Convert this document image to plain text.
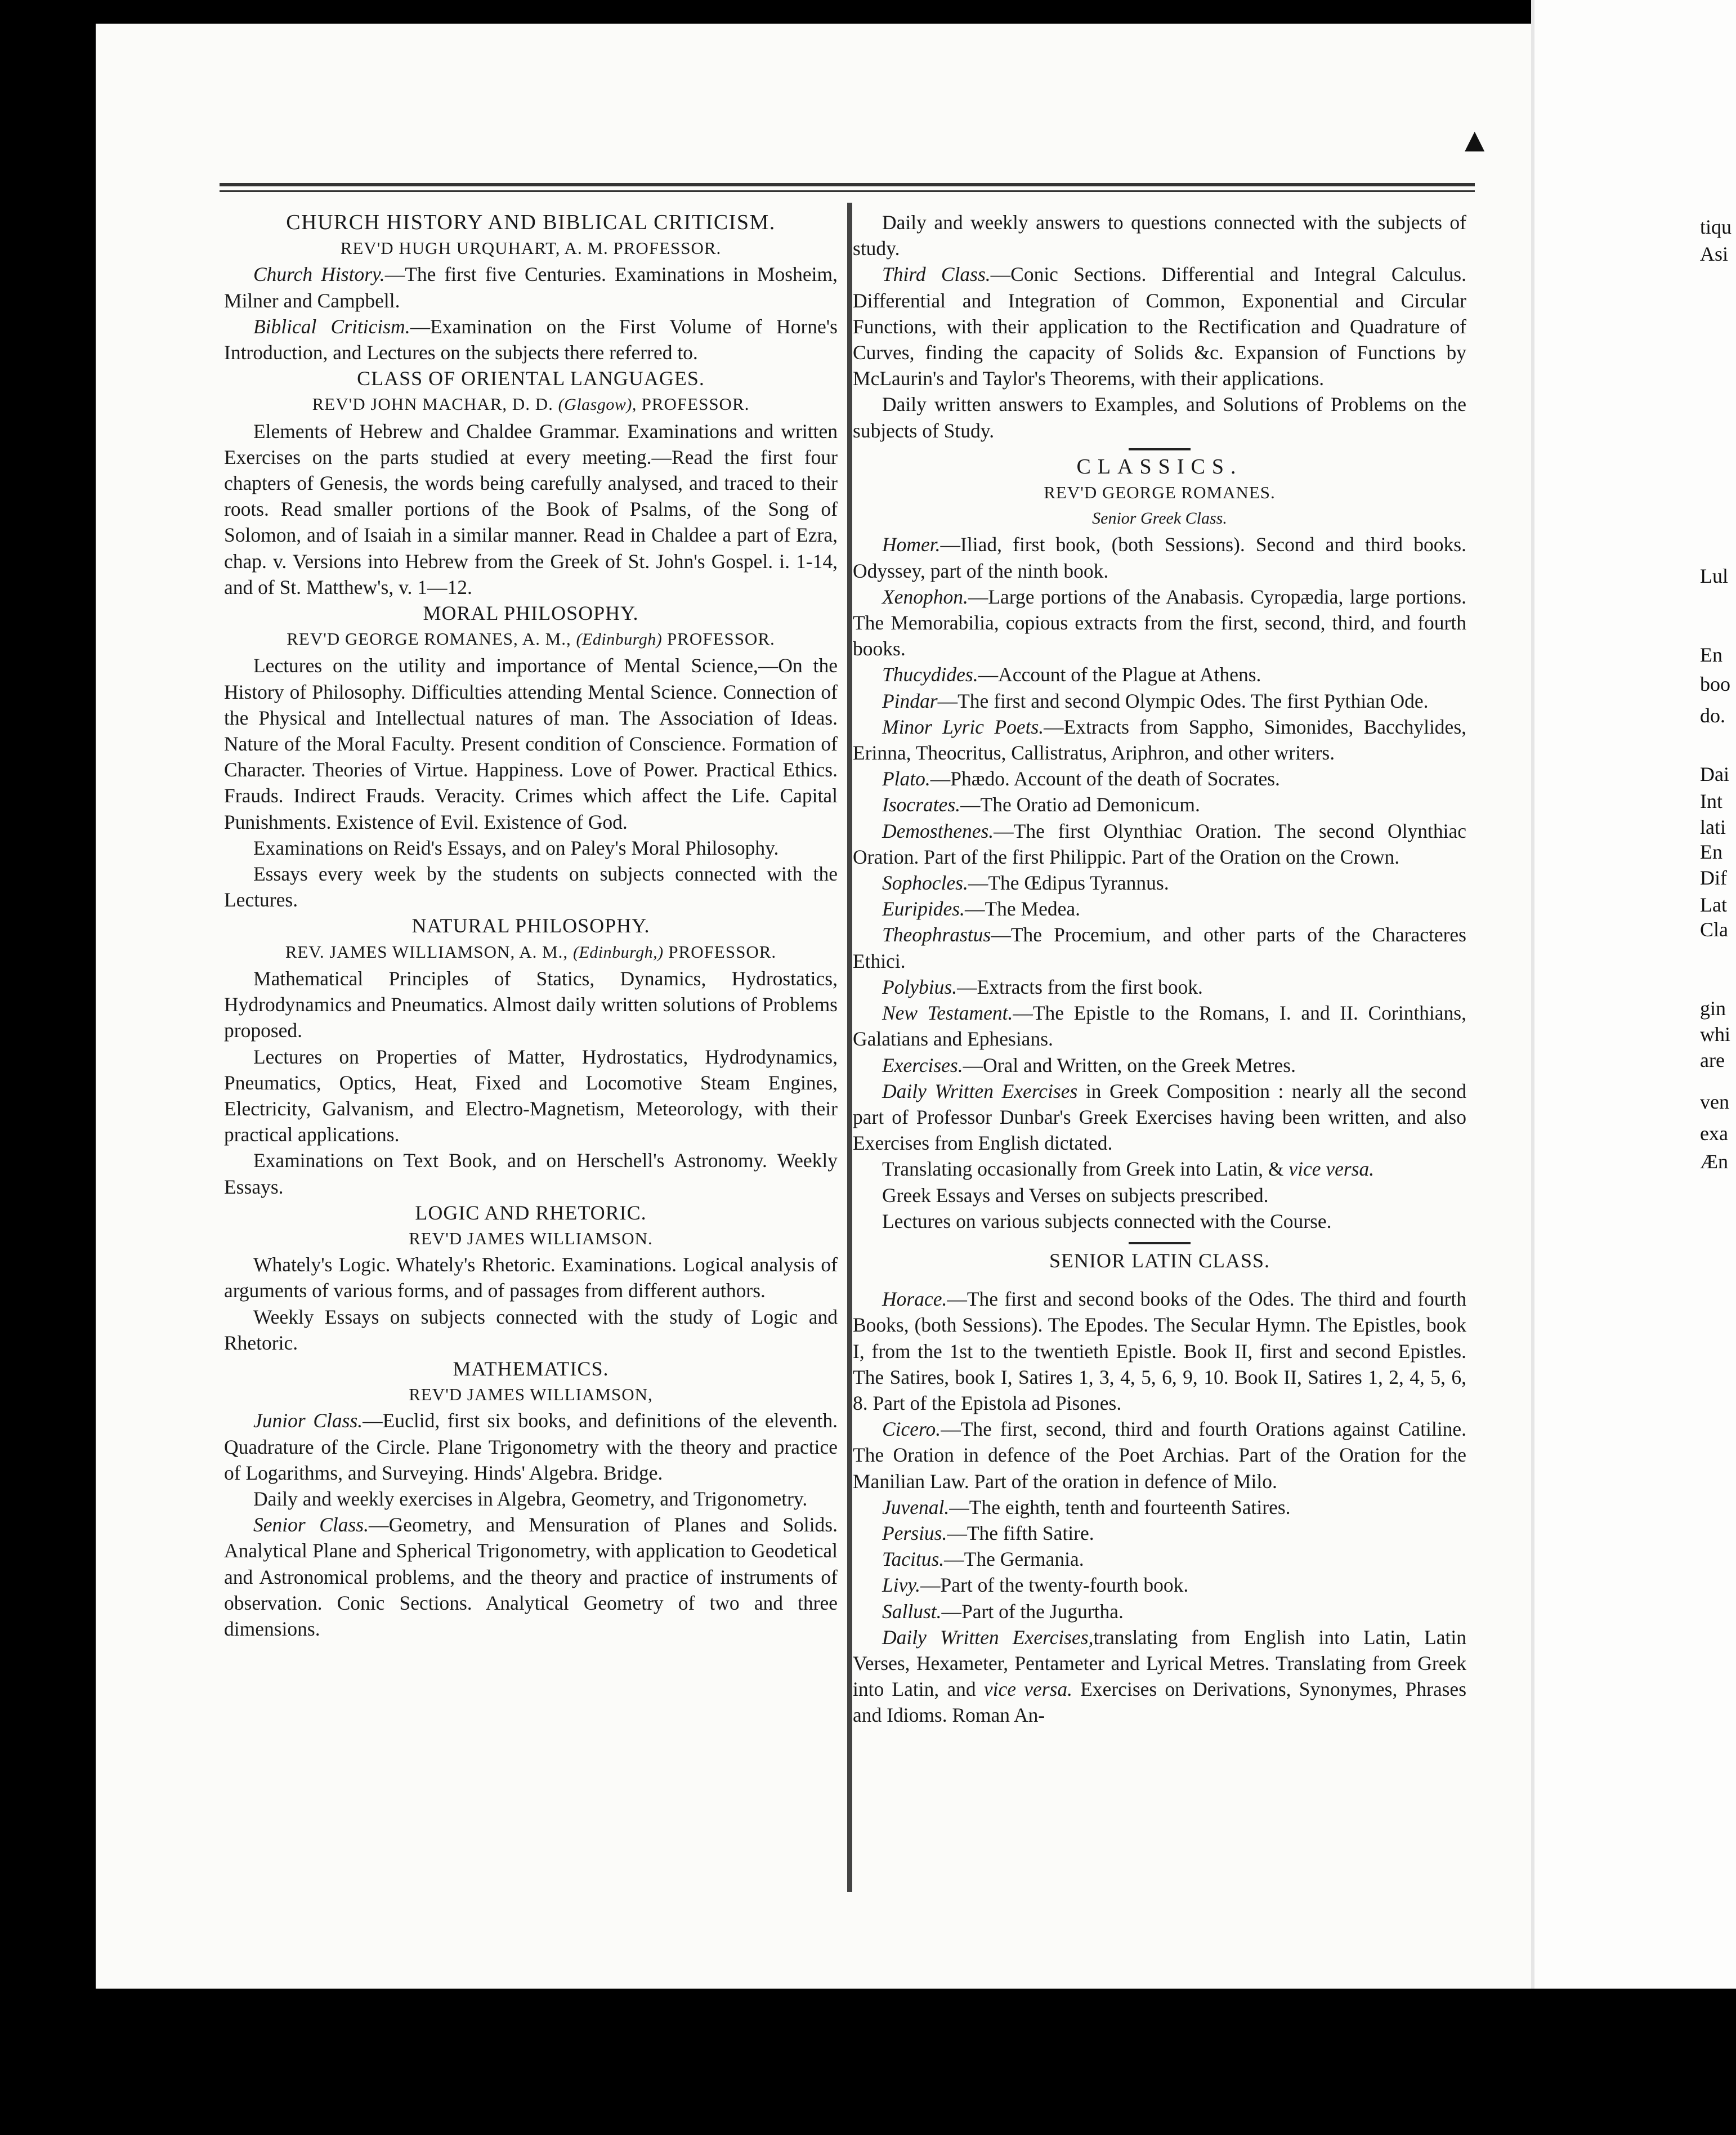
▲

CHURCH HISTORY AND BIBLICAL CRITICISM.

REV'D HUGH URQUHART, A. M. PROFESSOR.

Church History.—The first five Centuries. Examinations in Mosheim, Milner and Campbell.

Biblical Criticism.—Examination on the First Volume of Horne's Introduction, and Lectures on the subjects there referred to.

CLASS OF ORIENTAL LANGUAGES.

REV'D JOHN MACHAR, D. D. (Glasgow), PROFESSOR.

Elements of Hebrew and Chaldee Grammar. Examinations and written Exercises on the parts studied at every meeting.—Read the first four chapters of Genesis, the words being carefully analysed, and traced to their roots. Read smaller portions of the Book of Psalms, of the Song of Solomon, and of Isaiah in a similar manner. Read in Chaldee a part of Ezra, chap. v. Versions into Hebrew from the Greek of St. John's Gospel. i. 1-14, and of St. Matthew's, v. 1—12.

MORAL PHILOSOPHY.

REV'D GEORGE ROMANES, A. M., (Edinburgh) PROFESSOR.

Lectures on the utility and importance of Mental Science,—On the History of Philosophy. Difficulties attending Mental Science. Connection of the Physical and Intellectual natures of man. The Association of Ideas. Nature of the Moral Faculty. Present condition of Conscience. Formation of Character. Theories of Virtue. Happiness. Love of Power. Practical Ethics. Frauds. Indirect Frauds. Veracity. Crimes which affect the Life. Capital Punishments. Existence of Evil. Existence of God.

Examinations on Reid's Essays, and on Paley's Moral Philosophy.

Essays every week by the students on subjects connected with the Lectures.

NATURAL PHILOSOPHY.

REV. JAMES WILLIAMSON, A. M., (Edinburgh,) PROFESSOR.

Mathematical Principles of Statics, Dynamics, Hydrostatics, Hydrodynamics and Pneumatics. Almost daily written solutions of Problems proposed.

Lectures on Properties of Matter, Hydrostatics, Hydrodynamics, Pneumatics, Optics, Heat, Fixed and Locomotive Steam Engines, Electricity, Galvanism, and Electro-Magnetism, Meteorology, with their practical applications.

Examinations on Text Book, and on Herschell's Astronomy. Weekly Essays.

LOGIC AND RHETORIC.

REV'D JAMES WILLIAMSON.

Whately's Logic. Whately's Rhetoric. Examinations. Logical analysis of arguments of various forms, and of passages from different authors.

Weekly Essays on subjects connected with the study of Logic and Rhetoric.

MATHEMATICS.

REV'D JAMES WILLIAMSON,

Junior Class.—Euclid, first six books, and definitions of the eleventh. Quadrature of the Circle. Plane Trigonometry with the theory and practice of Logarithms, and Surveying. Hinds' Algebra. Bridge.

Daily and weekly exercises in Algebra, Geometry, and Trigonometry.

Senior Class.—Geometry, and Mensuration of Planes and Solids. Analytical Plane and Spherical Trigonometry, with application to Geodetical and Astronomical problems, and the theory and practice of instruments of observation. Conic Sections. Analytical Geometry of two and three dimensions.

Daily and weekly answers to questions connected with the subjects of study.

Third Class.—Conic Sections. Differential and Integral Calculus. Differential and Integration of Common, Exponential and Circular Functions, with their application to the Rectification and Quadrature of Curves, finding the capacity of Solids &c. Expansion of Functions by McLaurin's and Taylor's Theorems, with their applications.

Daily written answers to Examples, and Solutions of Problems on the subjects of Study.

CLASSICS.

REV'D GEORGE ROMANES.

Senior Greek Class.

Homer.—Iliad, first book, (both Sessions). Second and third books. Odyssey, part of the ninth book.

Xenophon.—Large portions of the Anabasis. Cyropædia, large portions. The Memorabilia, copious extracts from the first, second, third, and fourth books.

Thucydides.—Account of the Plague at Athens.

Pindar—The first and second Olympic Odes. The first Pythian Ode.

Minor Lyric Poets.—Extracts from Sappho, Simonides, Bacchylides, Erinna, Theocritus, Callistratus, Ariphron, and other writers.

Plato.—Phædo. Account of the death of Socrates.

Isocrates.—The Oratio ad Demonicum.

Demosthenes.—The first Olynthiac Oration. The second Olynthiac Oration. Part of the first Philippic. Part of the Oration on the Crown.

Sophocles.—The Œdipus Tyrannus.

Euripides.—The Medea.

Theophrastus—The Procemium, and other parts of the Characteres Ethici.

Polybius.—Extracts from the first book.

New Testament.—The Epistle to the Romans, I. and II. Corinthians, Galatians and Ephesians.

Exercises.—Oral and Written, on the Greek Metres.

Daily Written Exercises in Greek Composition : nearly all the second part of Professor Dunbar's Greek Exercises having been written, and also Exercises from English dictated.

Translating occasionally from Greek into Latin, & vice versa.

Greek Essays and Verses on subjects prescribed.

Lectures on various subjects connected with the Course.

SENIOR LATIN CLASS.

Horace.—The first and second books of the Odes. The third and fourth Books, (both Sessions). The Epodes. The Secular Hymn. The Epistles, book I, from the 1st to the twentieth Epistle. Book II, first and second Epistles. The Satires, book I, Satires 1, 3, 4, 5, 6, 9, 10. Book II, Satires 1, 2, 4, 5, 6, 8. Part of the Epistola ad Pisones.

Cicero.—The first, second, third and fourth Orations against Catiline. The Oration in defence of the Poet Archias. Part of the Oration for the Manilian Law. Part of the oration in defence of Milo.

Juvenal.—The eighth, tenth and fourteenth Satires.

Persius.—The fifth Satire.

Tacitus.—The Germania.

Livy.—Part of the twenty-fourth book.

Sallust.—Part of the Jugurtha.

Daily Written Exercises,translating from English into Latin, Latin Verses, Hexameter, Pentameter and Lyrical Metres. Translating from Greek into Latin, and vice versa. Exercises on Derivations, Synonymes, Phrases and Idioms. Roman An-

tiqu
Asi
Lul
En
boo
do.
Dai
Int
lati
En
Dif
Lat
Cla
gin
whi
are
ven
exa
Æn
